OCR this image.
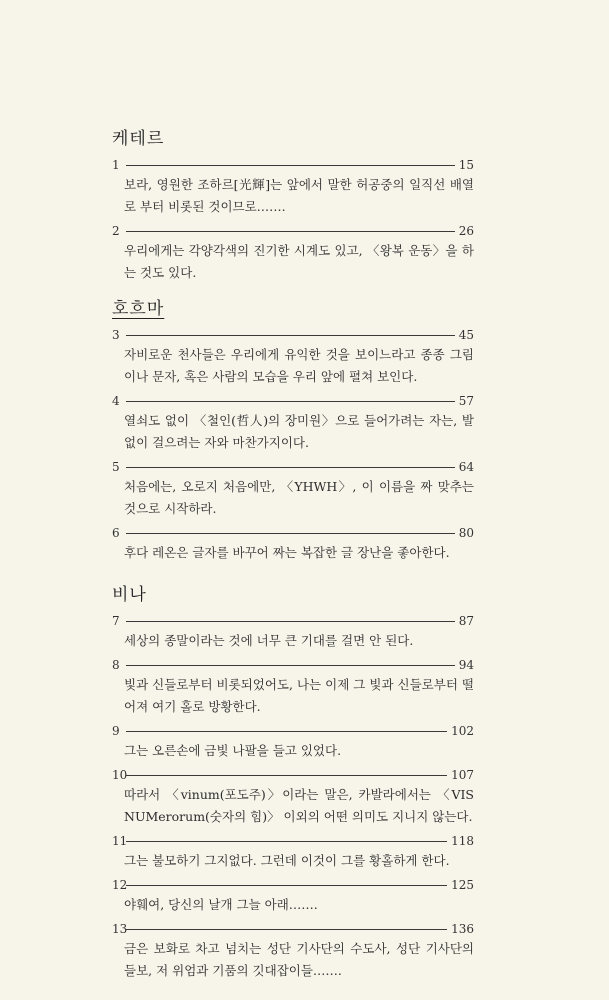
케테르
1	15
보라, 영원한 조하르[光輝]는 앞에서 말한 허공중의 일직선 배열로 부터 비롯된 것이므로…….
2	26
우리에게는 각양각색의 진기한 시계도 있고, 〈왕복 운동〉을 하는 것도 있다.
호흐마
3	45
자비로운 천사들은 우리에게 유익한 것을 보이느라고 종종 그림이나 문자, 혹은 사람의 모습을 우리 앞에 펼쳐 보인다.
4	57
열쇠도 없이 〈철인(哲人)의 장미원〉으로 들어가려는 자는, 발 없이 걸으려는 자와 마찬가지이다.
5	64
처음에는, 오로지 처음에만, 〈YHWH〉, 이 이름을 짜 맞추는 것으로 시작하라.
6	80
후다 레온은 글자를 바꾸어 짜는 복잡한 글 장난을 좋아한다.
비나
7	87
세상의 종말이라는 것에 너무 큰 기대를 걸면 안 된다.
8	94
빛과 신들로부터 비롯되었어도, 나는 이제 그 빛과 신들로부터 떨어져 여기 홀로 방황한다.
9	102
그는 오른손에 금빛 나팔을 들고 있었다.
10	107
따라서 〈vinum(포도주)〉이라는 말은, 카발라에서는 〈VIS NUMerorum(숫자의 힘)〉 이외의 어떤 의미도 지니지 않는다.
11	118
그는 불모하기 그지없다. 그런데 이것이 그를 황홀하게 한다.
12	125
야훼여, 당신의 날개 그늘 아래…….
13	136
금은 보화로 차고 넘치는 성단 기사단의 수도사, 성단 기사단의 들보, 저 위엄과 기품의 깃대잡이들…….
